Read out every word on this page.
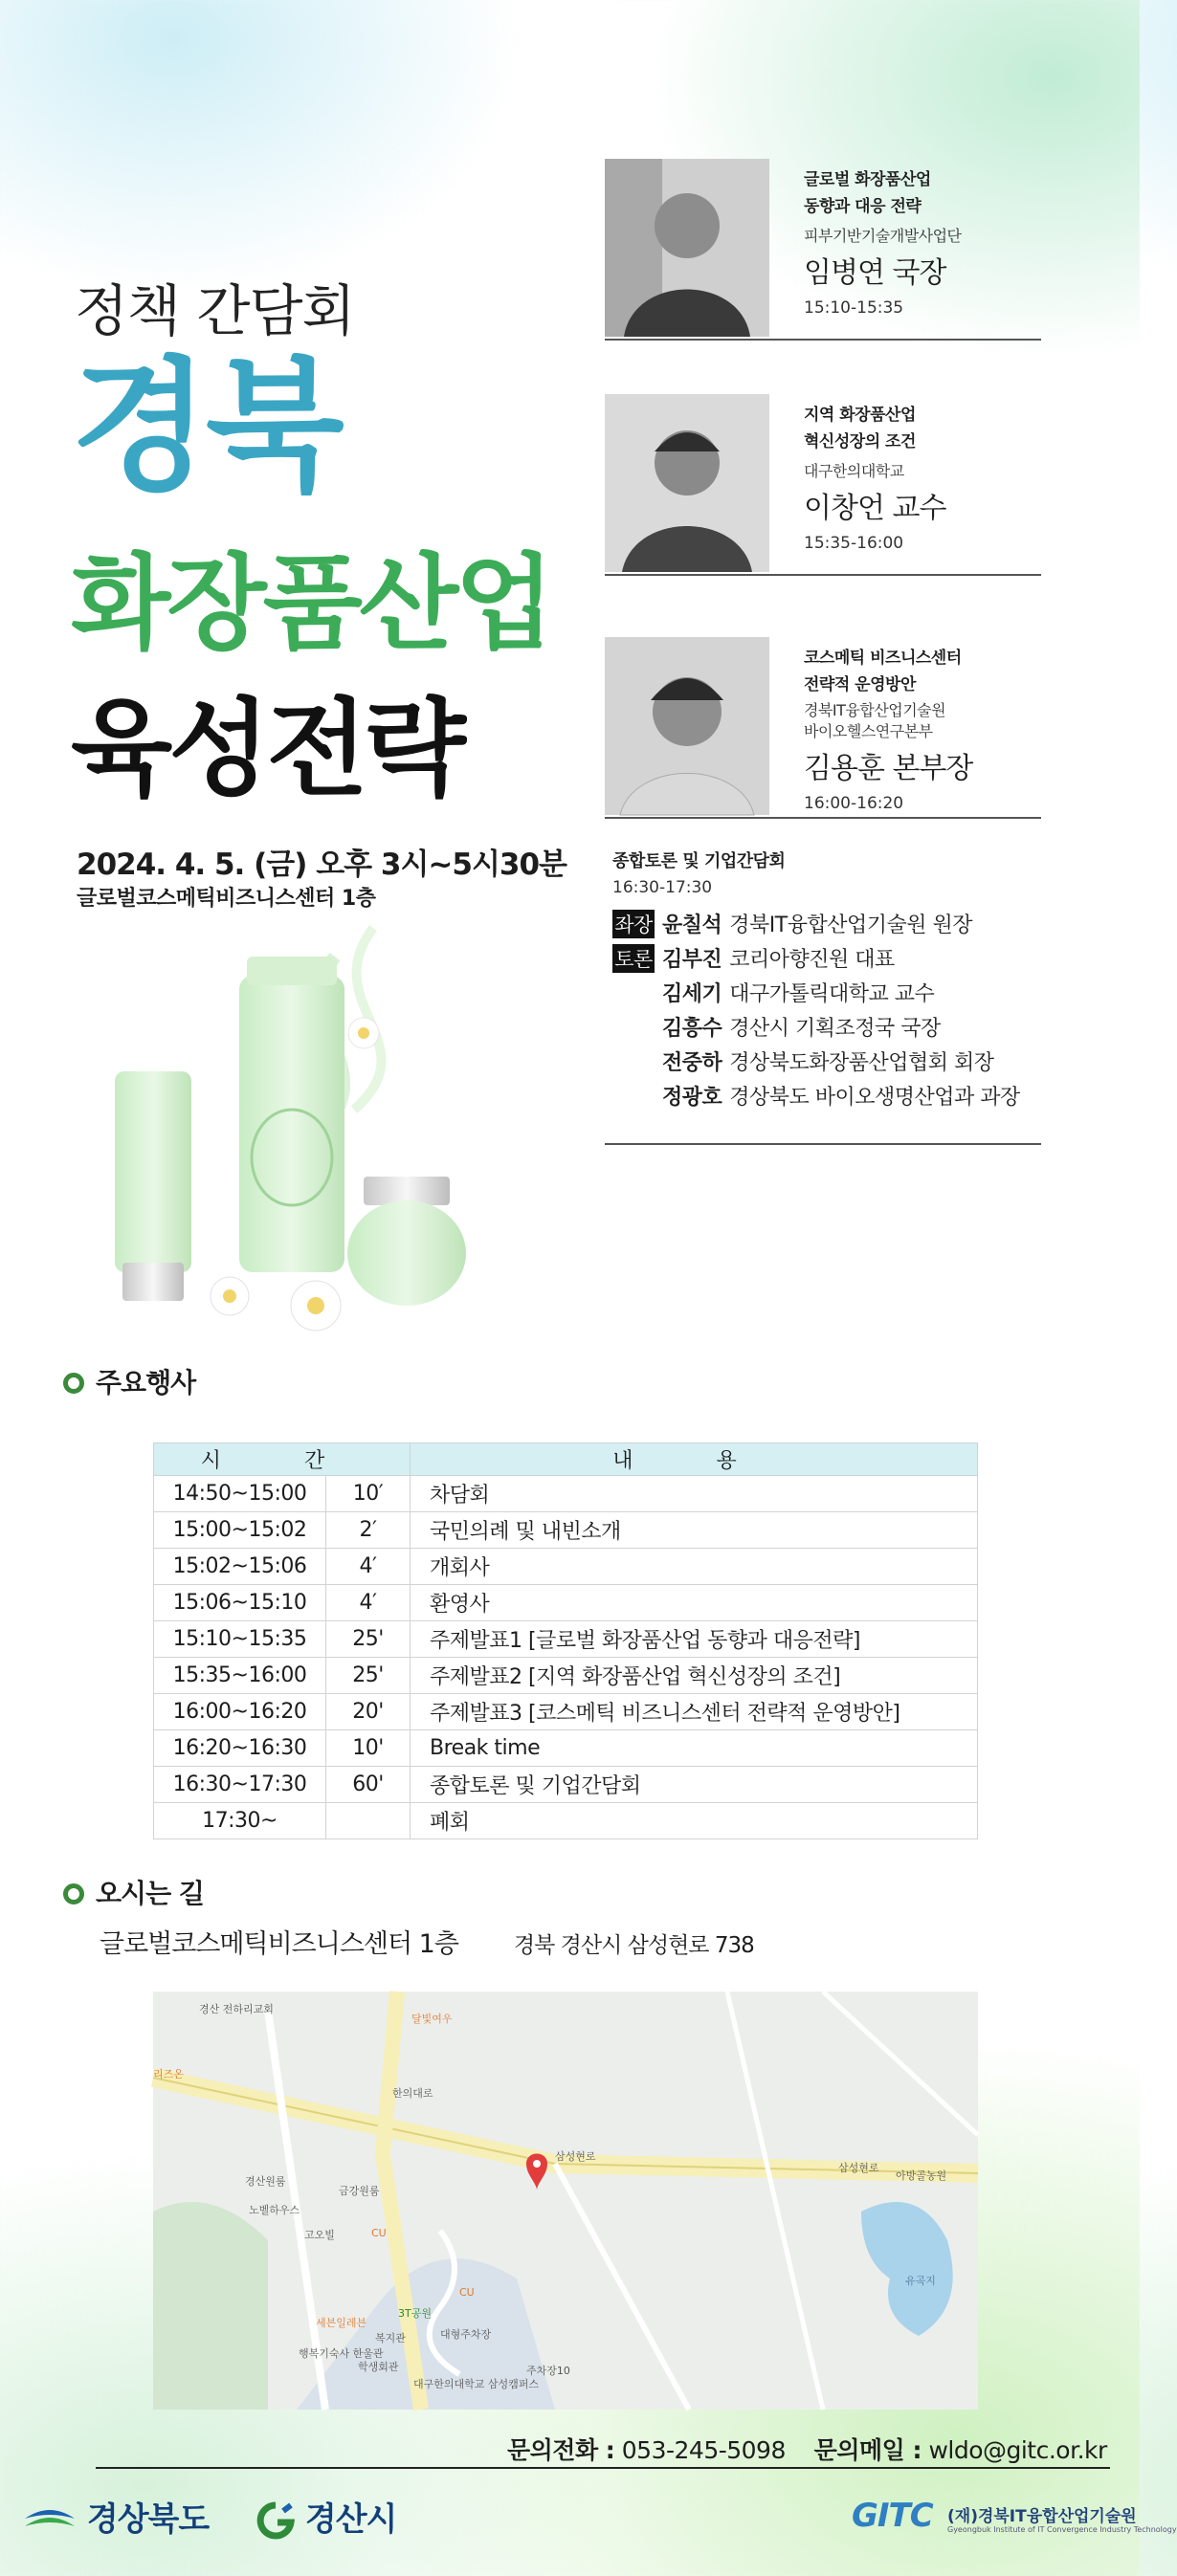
정책 간담회
경북
화장품산업
육성전략
2024. 4. 5. (금) 오후 3시~5시30분
글로벌코스메틱비즈니스센터 1층
글로벌 화장품산업
동향과 대응 전략
피부기반기술개발사업단
임병연 국장
15:10-15:35
지역 화장품산업
혁신성장의 조건
대구한의대학교
이창언 교수
15:35-16:00
코스메틱 비즈니스센터
전략적 운영방안
경북IT융합산업기술원
바이오헬스연구본부
김용훈 본부장
16:00-16:20
종합토론 및 기업간담회
16:30-17:30
좌장 윤칠석 경북IT융합산업기술원 원장
토론 김부진 코리아향진원 대표
김세기 대구가톨릭대학교 교수
김흥수 경산시 기획조정국 국장
전중하 경상북도화장품산업협회 회장
정광호 경상북도 바이오생명산업과 과장
주요행사
시 간		내 용
14:50~15:00	10′	차담회
15:00~15:02	2′	국민의례 및 내빈소개
15:02~15:06	4′	개회사
15:06~15:10	4′	환영사
15:10~15:35	25'	주제발표1 [글로벌 화장품산업 동향과 대응전략]
15:35~16:00	25'	주제발표2 [지역 화장품산업 혁신성장의 조건]
16:00~16:20	20'	주제발표3 [코스메틱 비즈니스센터 전략적 운영방안]
16:20~16:30	10'	Break time
16:30~17:30	60'	종합토론 및 기업간담회
17:30~		폐회
오시는 길
글로벌코스메틱비즈니스센터 1층	경북 경산시 삼성현로 738
경산 전하리교회
리즈온
달빛여우
경산원룸
노벨하우스
금강원룸
고오빌	CU
CU
3T공원
세븐일레븐
복지관	대형주차장
행복기숙사 한울관
학생회관
대구한의대학교 삼성캠퍼스
주차장10
아방골농원
삼성현로
삼성현로
한의대로
유곡지
문의전화 : 053-245-5098 문의메일 : wldo@gitc.or.kr
경상북도	경산시	GITC (재)경북IT융합산업기술원
Gyeongbuk Institute of IT Convergence Industry Technology
